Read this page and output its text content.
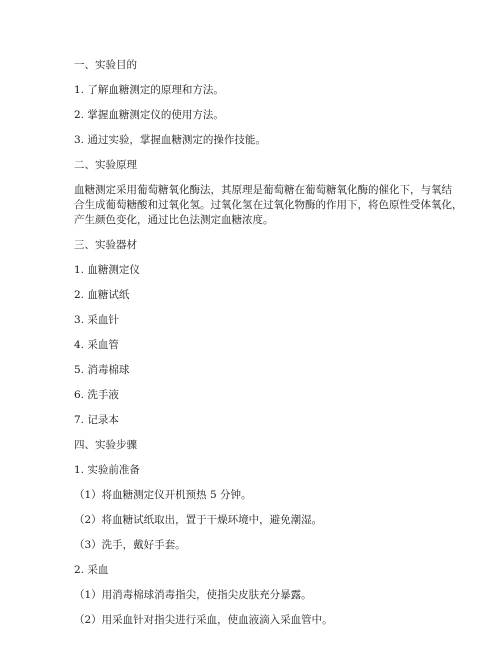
一、实验目的
1. 了解血糖测定的原理和方法。
2. 掌握血糖测定仪的使用方法。
3. 通过实验，掌握血糖测定的操作技能。
二、实验原理
血糖测定采用葡萄糖氧化酶法，其原理是葡萄糖在葡萄糖氧化酶的催化下，与氧结
合生成葡萄糖酸和过氧化氢。过氧化氢在过氧化物酶的作用下，将色原性受体氧化，
产生颜色变化，通过比色法测定血糖浓度。
三、实验器材
1. 血糖测定仪
2. 血糖试纸
3. 采血针
4. 采血管
5. 消毒棉球
6. 洗手液
7. 记录本
四、实验步骤
1. 实验前准备
（1）将血糖测定仪开机预热 5 分钟。
（2）将血糖试纸取出，置于干燥环境中，避免潮湿。
（3）洗手，戴好手套。
2. 采血
（1）用消毒棉球消毒指尖，使指尖皮肤充分暴露。
（2）用采血针对指尖进行采血，使血液滴入采血管中。
